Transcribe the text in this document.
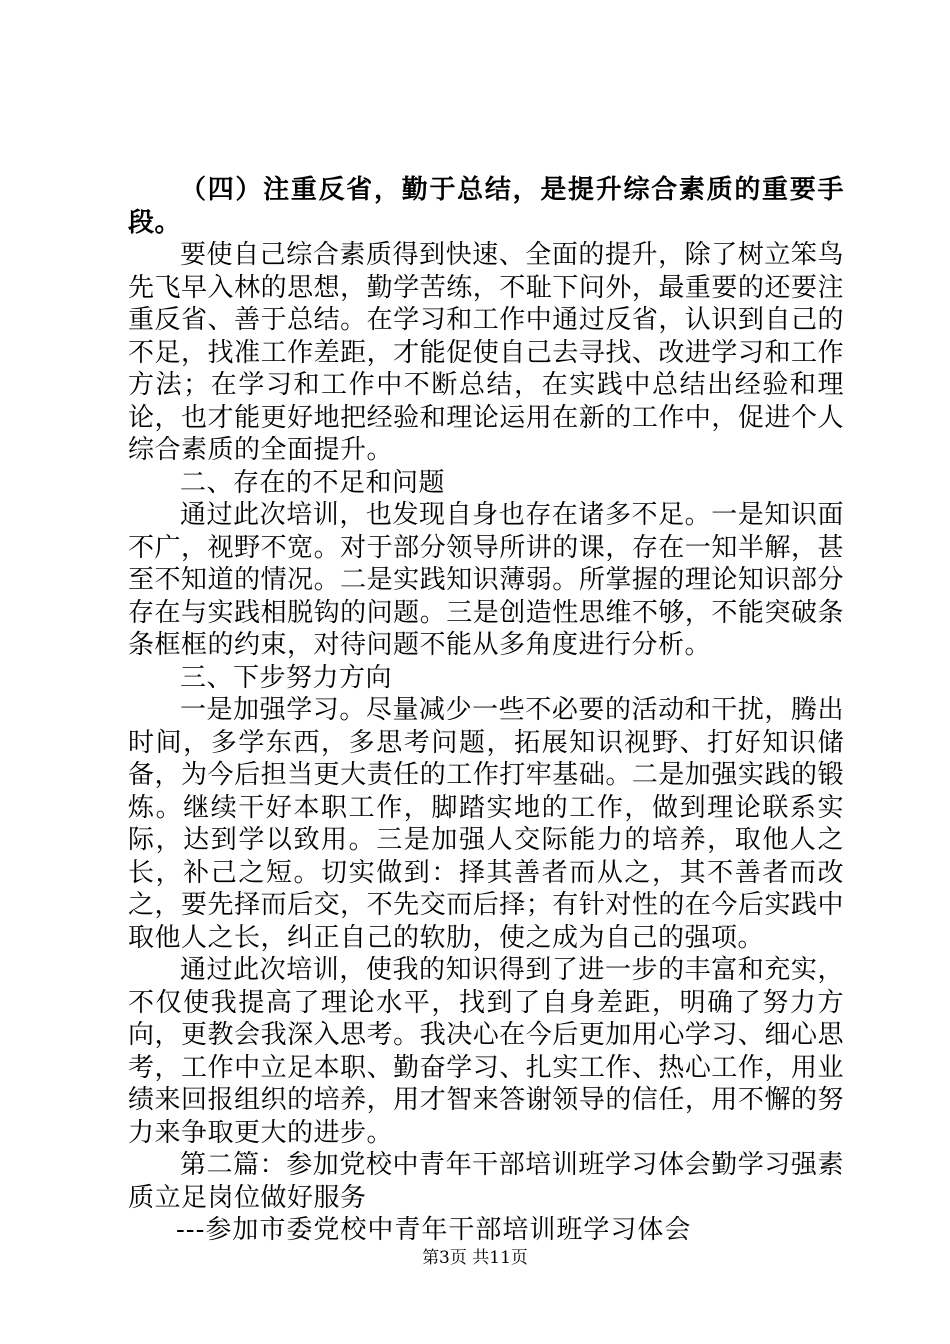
（四）注重反省，勤于总结，是提升综合素质的重要手段。

要使自己综合素质得到快速、全面的提升，除了树立笨鸟先飞早入林的思想，勤学苦练，不耻下问外，最重要的还要注重反省、善于总结。在学习和工作中通过反省，认识到自己的不足，找准工作差距，才能促使自己去寻找、改进学习和工作方法；在学习和工作中不断总结，在实践中总结出经验和理论，也才能更好地把经验和理论运用在新的工作中，促进个人综合素质的全面提升。

二、存在的不足和问题

通过此次培训，也发现自身也存在诸多不足。一是知识面不广，视野不宽。对于部分领导所讲的课，存在一知半解，甚至不知道的情况。二是实践知识薄弱。所掌握的理论知识部分存在与实践相脱钩的问题。三是创造性思维不够，不能突破条条框框的约束，对待问题不能从多角度进行分析。

三、下步努力方向

一是加强学习。尽量减少一些不必要的活动和干扰，腾出时间，多学东西，多思考问题，拓展知识视野、打好知识储备，为今后担当更大责任的工作打牢基础。二是加强实践的锻炼。继续干好本职工作，脚踏实地的工作，做到理论联系实际，达到学以致用。三是加强人交际能力的培养，取他人之长，补己之短。切实做到：择其善者而从之，其不善者而改之，要先择而后交，不先交而后择；有针对性的在今后实践中取他人之长，纠正自己的软肋，使之成为自己的强项。

通过此次培训，使我的知识得到了进一步的丰富和充实，不仅使我提高了理论水平，找到了自身差距，明确了努力方向，更教会我深入思考。我决心在今后更加用心学习、细心思考，工作中立足本职、勤奋学习、扎实工作、热心工作，用业绩来回报组织的培养，用才智来答谢领导的信任，用不懈的努力来争取更大的进步。

第二篇：参加党校中青年干部培训班学习体会勤学习强素质立足岗位做好服务

---参加市委党校中青年干部培训班学习体会

第3页 共11页
